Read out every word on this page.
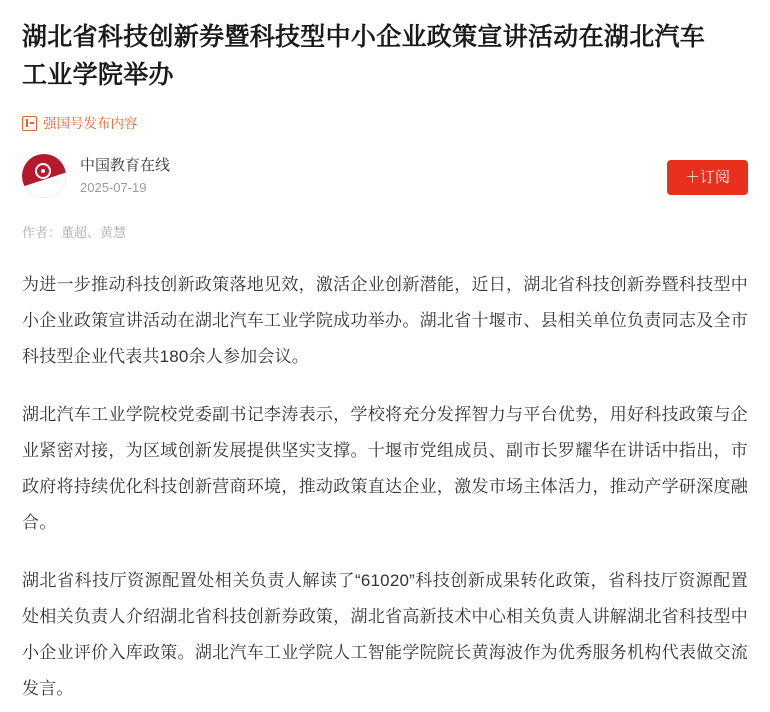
湖北省科技创新券暨科技型中小企业政策宣讲活动在湖北汽车工业学院举办
强国号发布内容
中国教育在线
2025-07-19
＋订阅
作者：董超、黄慧

为进一步推动科技创新政策落地见效，激活企业创新潜能，近日，湖北省科技创新券暨科技型中小企业政策宣讲活动在湖北汽车工业学院成功举办。湖北省十堰市、县相关单位负责同志及全市科技型企业代表共180余人参加会议。

湖北汽车工业学院校党委副书记李涛表示，学校将充分发挥智力与平台优势，用好科技政策与企业紧密对接，为区域创新发展提供坚实支撑。十堰市党组成员、副市长罗耀华在讲话中指出，市政府将持续优化科技创新营商环境，推动政策直达企业，激发市场主体活力，推动产学研深度融合。

湖北省科技厅资源配置处相关负责人解读了“61020”科技创新成果转化政策，省科技厅资源配置处相关负责人介绍湖北省科技创新券政策，湖北省高新技术中心相关负责人讲解湖北省科技型中小企业评价入库政策。湖北汽车工业学院人工智能学院院长黄海波作为优秀服务机构代表做交流发言。
